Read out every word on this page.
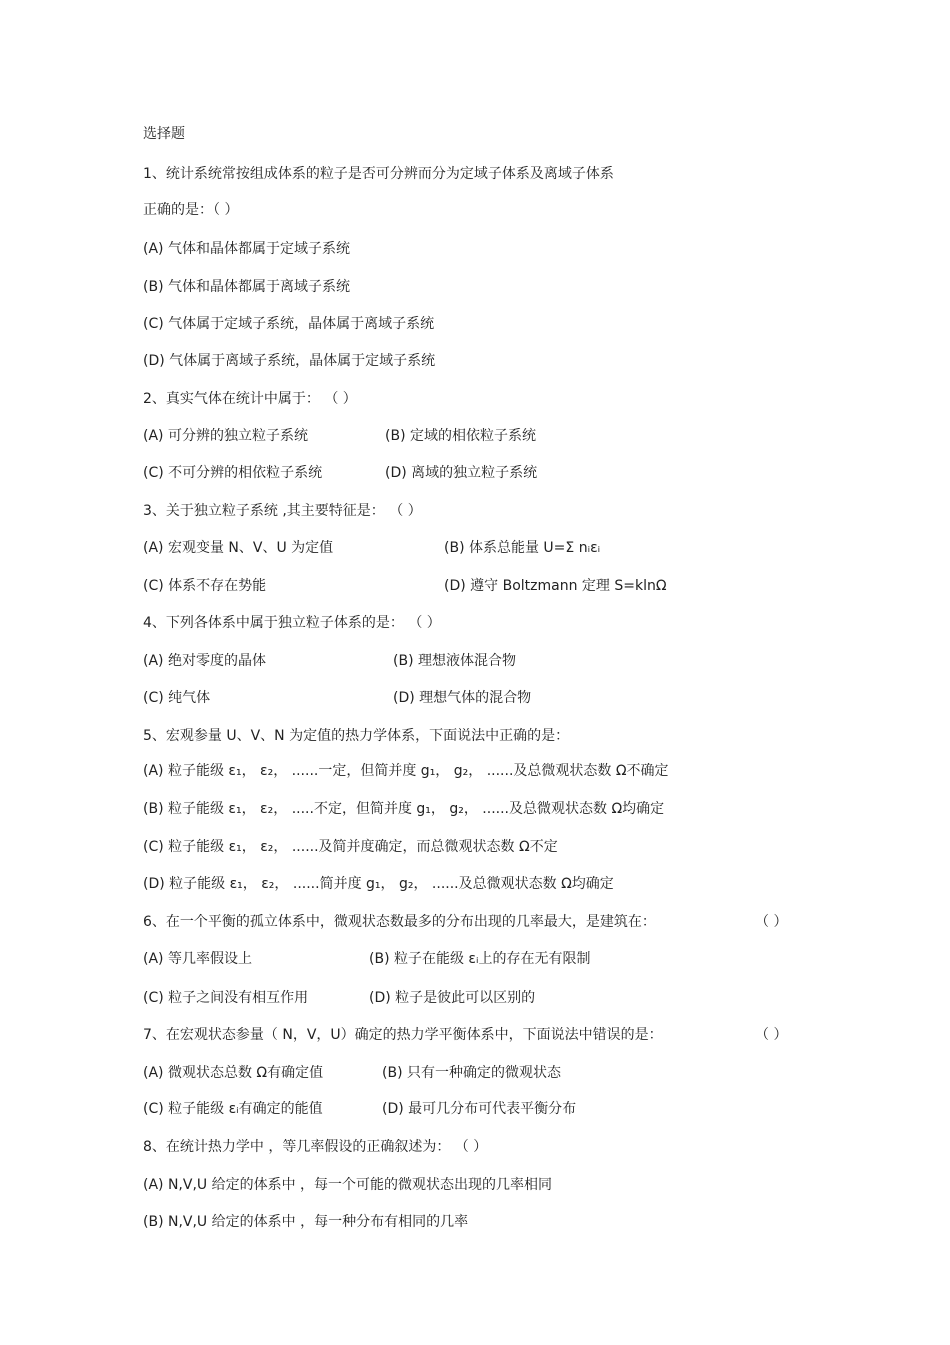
选择题
1、统计系统常按组成体系的粒子是否可分辨而分为定域子体系及离域子体系
正确的是：（ ）
(A) 气体和晶体都属于定域子系统
(B) 气体和晶体都属于离域子系统
(C) 气体属于定域子系统，晶体属于离域子系统
(D) 气体属于离域子系统，晶体属于定域子系统
2、真实气体在统计中属于： （ ）
(A) 可分辨的独立粒子系统	(B) 定域的相依粒子系统
(C) 不可分辨的相依粒子系统	(D) 离域的独立粒子系统
3、关于独立粒子系统 ,其主要特征是： （ ）
(A) 宏观变量 N、V、U 为定值	(B) 体系总能量 U=Σ nᵢεᵢ
(C) 体系不存在势能	(D) 遵守 Boltzmann 定理 S=klnΩ
4、下列各体系中属于独立粒子体系的是： （ ）
(A) 绝对零度的晶体	(B) 理想液体混合物
(C) 纯气体	(D) 理想气体的混合物
5、宏观参量 U、V、N 为定值的热力学体系，下面说法中正确的是：
(A) 粒子能级 ε₁， ε₂， ......一定，但简并度 g₁， g₂， ......及总微观状态数 Ω不确定
(B) 粒子能级 ε₁， ε₂， .....不定，但简并度 g₁， g₂， ......及总微观状态数 Ω均确定
(C) 粒子能级 ε₁， ε₂， ......及简并度确定，而总微观状态数 Ω不定
(D) 粒子能级 ε₁， ε₂， ......简并度 g₁， g₂， ......及总微观状态数 Ω均确定
6、在一个平衡的孤立体系中，微观状态数最多的分布出现的几率最大，是建筑在：	（ ）
(A) 等几率假设上	(B) 粒子在能级 εᵢ上的存在无有限制
(C) 粒子之间没有相互作用	(D) 粒子是彼此可以区别的
7、在宏观状态参量（ N，V，U）确定的热力学平衡体系中，下面说法中错误的是：	（ ）
(A) 微观状态总数 Ω有确定值	(B) 只有一种确定的微观状态
(C) 粒子能级 εᵢ有确定的能值	(D) 最可几分布可代表平衡分布
8、在统计热力学中 ，等几率假设的正确叙述为： （ ）
(A) N,V,U 给定的体系中 ，每一个可能的微观状态出现的几率相同
(B) N,V,U 给定的体系中 ，每一种分布有相同的几率
